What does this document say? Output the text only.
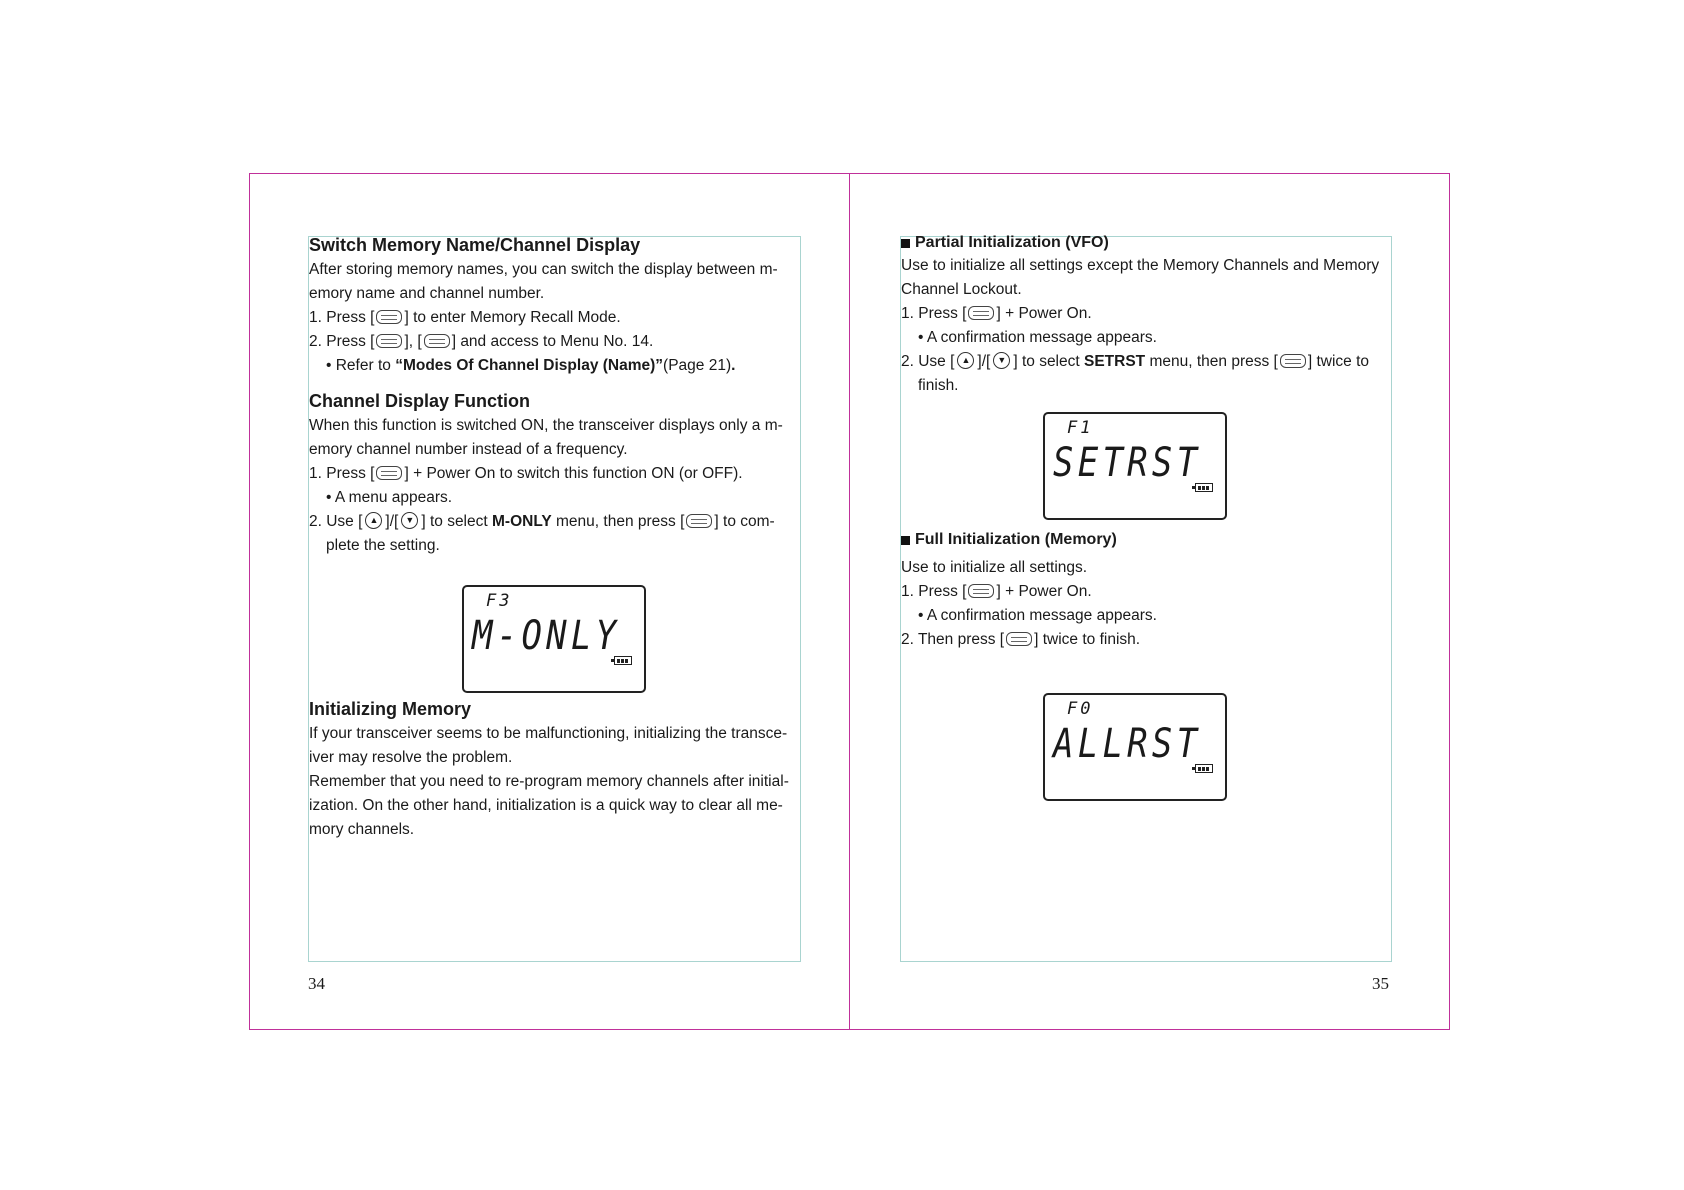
Switch Memory Name/Channel Display

After storing memory names, you can switch the display between m-

emory name and channel number.

1. Press [ ] to enter Memory Recall Mode.

2. Press [ ], [ ] and access to Menu No. 14.

• Refer to “Modes Of Channel Display (Name)”(Page 21).

Channel Display Function

When this function is switched ON, the transceiver displays only a m-

emory channel number instead of a frequency.

1. Press [ ] + Power On to switch this function ON (or OFF).

• A menu appears.

2. Use [ ▲ ]/[ ▼ ] to select M-ONLY menu, then press [ ] to com-

plete the setting.

Initializing Memory

If your transceiver seems to be malfunctioning, initializing the transce-

iver may resolve the problem.

Remember that you need to re-program memory channels after initial-

ization. On the other hand, initialization is a quick way to clear all me-

mory channels.

F3
M-ONLY
34
Partial Initialization (VFO)

Use to initialize all settings except the Memory Channels and Memory

Channel Lockout.

1. Press [ ] + Power On.

• A confirmation message appears.

2. Use [ ▲ ]/[ ▼ ] to select SETRST menu, then press [ ] twice to

finish.

Full Initialization (Memory)

Use to initialize all settings.

1. Press [ ] + Power On.

• A confirmation message appears.

2. Then press [ ] twice to finish.

F1
SETRST
F0
ALLRST
35
